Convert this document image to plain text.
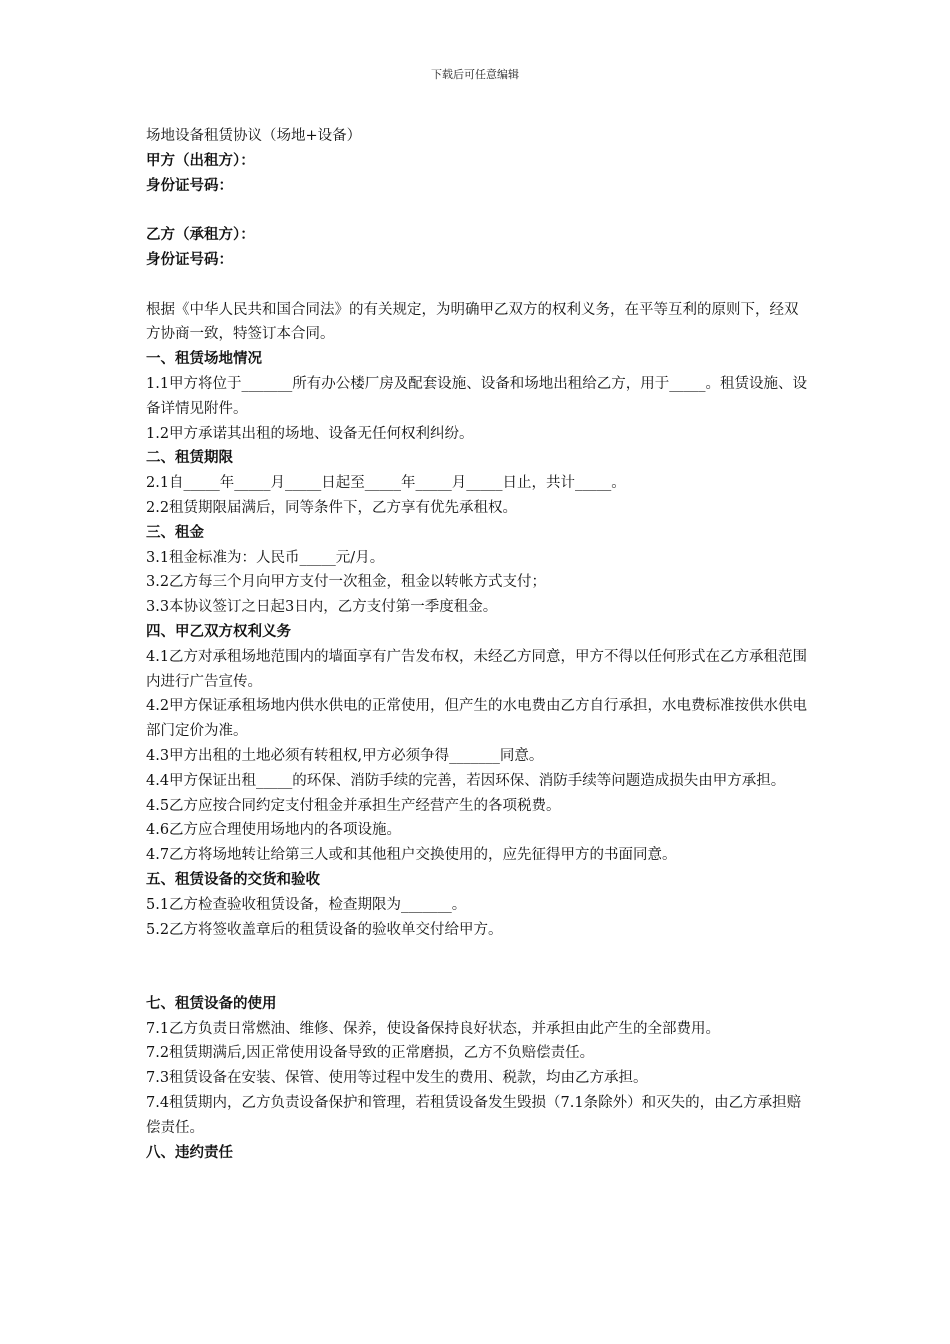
下载后可任意编辑

场地设备租赁协议（场地+设备）

甲方（出租方）：

身份证号码：

乙方（承租方）：

身份证号码：

根据《中华人民共和国合同法》的有关规定，为明确甲乙双方的权利义务，在平等互利的原则下，经双方协商一致，特签订本合同。

一、租赁场地情况

1.1甲方将位于_______所有办公楼厂房及配套设施、设备和场地出租给乙方，用于_____。租赁设施、设备详情见附件。

1.2甲方承诺其出租的场地、设备无任何权利纠纷。

二、租赁期限

2.1自_____年_____月_____日起至_____年_____月_____日止，共计_____。

2.2租赁期限届满后，同等条件下，乙方享有优先承租权。

三、租金

3.1租金标准为：人民币_____元/月。

3.2乙方每三个月向甲方支付一次租金，租金以转帐方式支付；

3.3本协议签订之日起3日内，乙方支付第一季度租金。

四、甲乙双方权利义务

4.1乙方对承租场地范围内的墙面享有广告发布权，未经乙方同意，甲方不得以任何形式在乙方承租范围内进行广告宣传。

4.2甲方保证承租场地内供水供电的正常使用，但产生的水电费由乙方自行承担，水电费标准按供水供电部门定价为准。

4.3甲方出租的土地必须有转租权,甲方必须争得_______同意。

4.4甲方保证出租_____的环保、消防手续的完善，若因环保、消防手续等问题造成损失由甲方承担。

4.5乙方应按合同约定支付租金并承担生产经营产生的各项税费。

4.6乙方应合理使用场地内的各项设施。

4.7乙方将场地转让给第三人或和其他租户交换使用的，应先征得甲方的书面同意。

五、租赁设备的交货和验收

5.1乙方检查验收租赁设备，检查期限为_______。

5.2乙方将签收盖章后的租赁设备的验收单交付给甲方。

七、租赁设备的使用

7.1乙方负责日常燃油、维修、保养，使设备保持良好状态，并承担由此产生的全部费用。

7.2租赁期满后,因正常使用设备导致的正常磨损，乙方不负赔偿责任。

7.3租赁设备在安装、保管、使用等过程中发生的费用、税款，均由乙方承担。

7.4租赁期内，乙方负责设备保护和管理，若租赁设备发生毁损（7.1条除外）和灭失的，由乙方承担赔偿责任。

八、违约责任
